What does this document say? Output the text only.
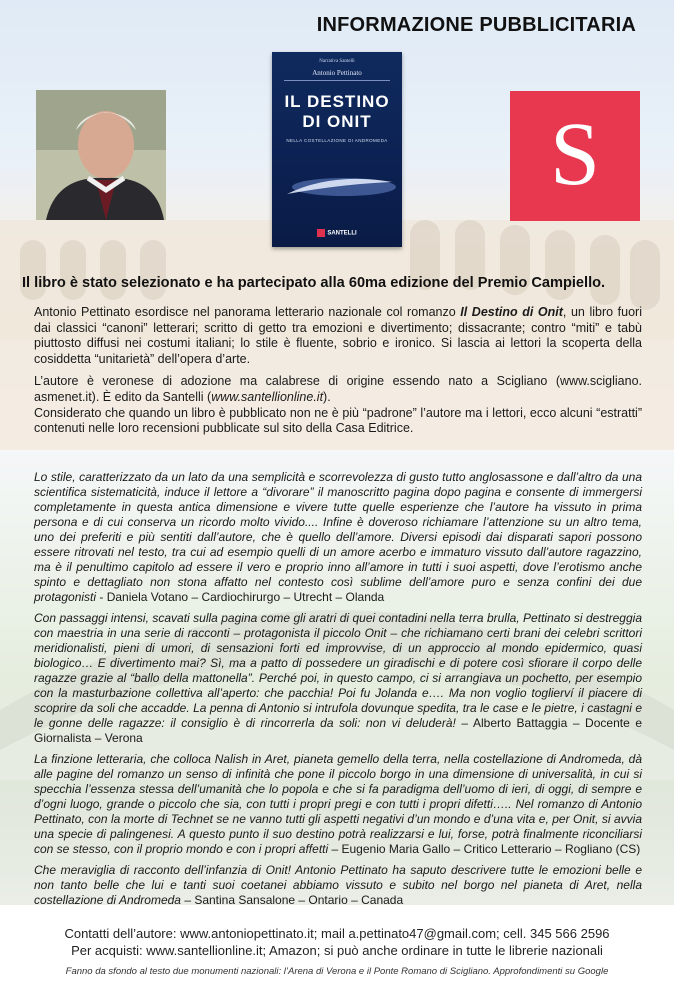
INFORMAZIONE PUBBLICITARIA
Narrativa Santelli
Antonio Pettinato
IL DESTINO DI ONIT
NELLA COSTELLAZIONE DI ANDROMEDA
SANTELLI
S
Il libro è stato selezionato e ha partecipato alla 60ma edizione del Premio Campiello.

Antonio Pettinato esordisce nel panorama letterario nazionale col romanzo Il Destino di Onit, un libro fuori dai classici “canoni” letterari; scritto di getto tra emozioni e divertimento; dissacrante; contro “miti” e tabù piuttosto diffusi nei costumi italiani; lo stile è fluente, sobrio e ironico. Si lascia ai lettori la scoperta della cosiddetta “unitarietà” dell’opera d’arte.

L’autore è veronese di adozione ma calabrese di origine essendo nato a Scigliano (www.scigliano. asmenet.it). È edito da Santelli (www.santellionline.it).

Considerato che quando un libro è pubblicato non ne è più “padrone” l’autore ma i lettori, ecco alcuni “estratti” contenuti nelle loro recensioni pubblicate sul sito della Casa Editrice.

Lo stile, caratterizzato da un lato da una semplicità e scorrevolezza di gusto tutto anglosassone e dall’altro da una scientifica sistematicità, induce il lettore a “divorare” il manoscritto pagina dopo pagina e consente di immergersi completamente in questa antica dimensione e vivere tutte quelle esperienze che l’autore ha vissuto in prima persona e di cui conserva un ricordo molto vivido.... Infine è doveroso richiamare l’attenzione su un altro tema, uno dei preferiti e più sentiti dall’autore, che è quello dell’amore. Diversi episodi dai disparati sapori possono essere ritrovati nel testo, tra cui ad esempio quelli di un amore acerbo e immaturo vissuto dall’autore ragazzino, ma è il penultimo capitolo ad essere il vero e proprio inno all’amore in tutti i suoi aspetti, dove l’erotismo anche spinto e dettagliato non stona affatto nel contesto così sublime dell’amore puro e senza confini dei due protagonisti - Daniela Votano – Cardiochirurgo – Utrecht – Olanda

Con passaggi intensi, scavati sulla pagina come gli aratri di quei contadini nella terra brulla, Pettinato si destreggia con maestria in una serie di racconti – protagonista il piccolo Onit – che richiamano certi brani dei celebri scrittori meridionalisti, pieni di umori, di sensazioni forti ed improvvise, di un approccio al mondo epidermico, quasi biologico… E divertimento mai? Sì, ma a patto di possedere un giradischi e di potere così sfiorare il corpo delle ragazze grazie al “ballo della mattonella”. Perché poi, in questo campo, ci si arrangiava un pochetto, per esempio con la masturbazione collettiva all’aperto: che pacchia! Poi fu Jolanda e…. Ma non voglio toglierví il piacere di scoprire da soli che accadde. La penna di Antonio si intrufola dovunque spedita, tra le case e le pietre, i castagni e le gonne delle ragazze: il consiglio è di rincorrerla da soli: non vi deluderà! – Alberto Battaggia – Docente e Giornalista – Verona

La finzione letteraria, che colloca Nalish in Aret, pianeta gemello della terra, nella costellazione di Andromeda, dà alle pagine del romanzo un senso di infinità che pone il piccolo borgo in una dimensione di universalità, in cui si specchia l’essenza stessa dell’umanità che lo popola e che si fa paradigma dell’uomo di ieri, di oggi, di sempre e d’ogni luogo, grande o piccolo che sia, con tutti i propri pregi e con tutti i propri difetti….. Nel romanzo di Antonio Pettinato, con la morte di Technet se ne vanno tutti gli aspetti negativi d’un mondo e d’una vita e, per Onit, si avvia una specie di palingenesi. A questo punto il suo destino potrà realizzarsi e lui, forse, potrà finalmente riconciliarsi con se stesso, con il proprio mondo e con i propri affetti – Eugenio Maria Gallo – Critico Letterario – Rogliano (CS)

Che meraviglia di racconto dell’infanzia di Onit! Antonio Pettinato ha saputo descrivere tutte le emozioni belle e non tanto belle che lui e tanti suoi coetanei abbiamo vissuto e subito nel borgo nel pianeta di Aret, nella costellazione di Andromeda – Santina Sansalone – Ontario – Canada

Contatti dell’autore: www.antoniopettinato.it; mail a.pettinato47@gmail.com; cell. 345 566 2596
Per acquisti: www.santellionline.it; Amazon; si può anche ordinare in tutte le librerie nazionali
Fanno da sfondo al testo due monumenti nazionali: l’Arena di Verona e il Ponte Romano di Scigliano. Approfondimenti su Google
